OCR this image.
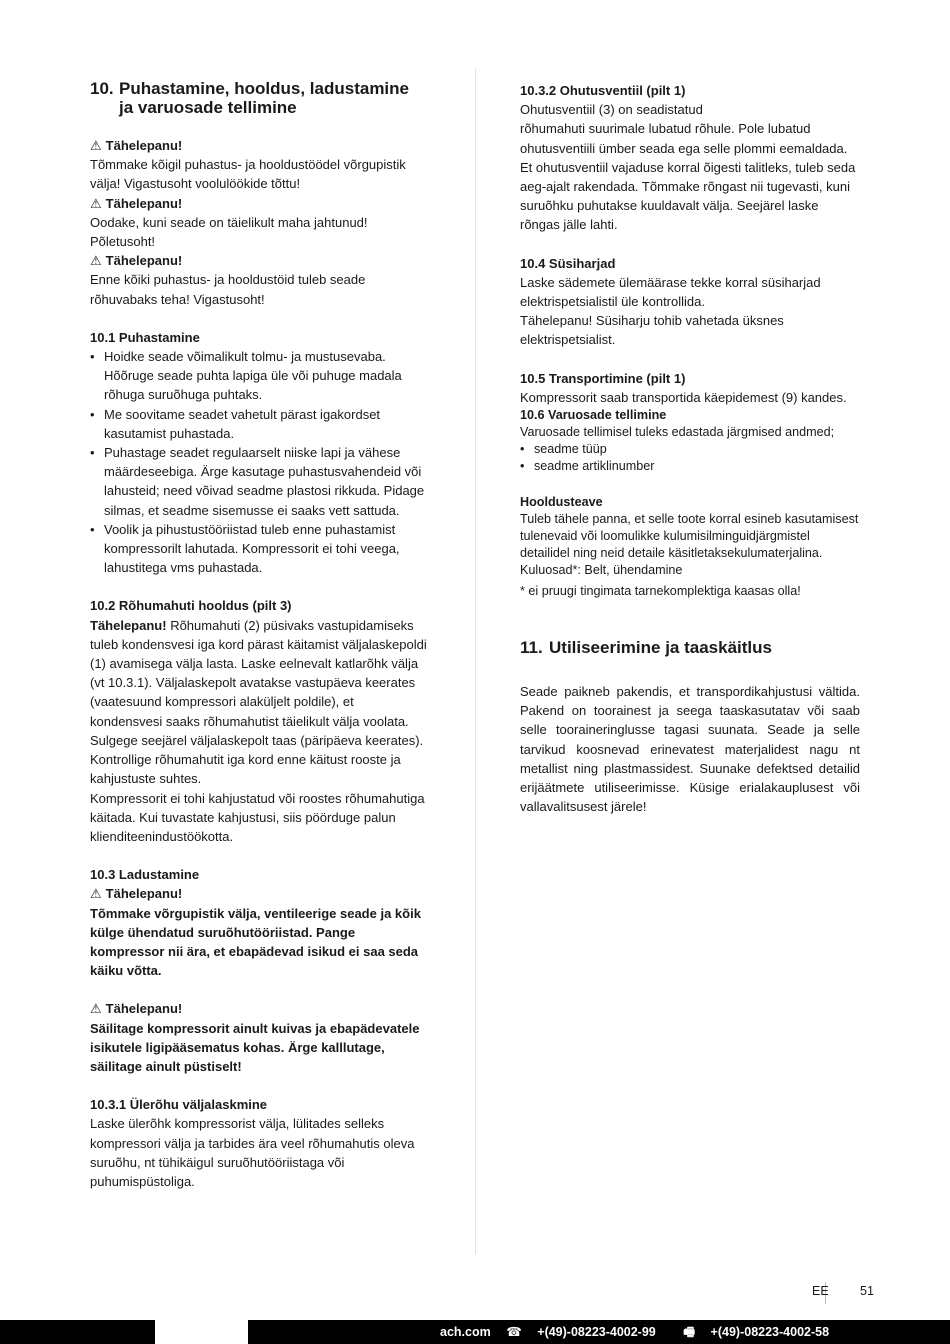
10. Puhastamine, hooldus, ladustamine
ja varuosade tellimine
⚠ Tähelepanu!

Tõmmake kõigil puhastus- ja hooldustöödel võrgupistik välja! Vigastusoht voolulöökide tõttu!

⚠ Tähelepanu!

Oodake, kuni seade on täielikult maha jahtunud! Põletusoht!

⚠ Tähelepanu!

Enne kõiki puhastus- ja hooldustöid tuleb seade rõhuvabaks teha! Vigastusoht!

10.1 Puhastamine

• Hoidke seade võimalikult tolmu- ja mustusevaba. Hõõruge seade puhta lapiga üle või puhuge madala rõhuga suruõhuga puhtaks.
• Me soovitame seadet vahetult pärast igakordset kasutamist puhastada.
• Puhastage seadet regulaarselt niiske lapi ja vähese määrdeseebiga. Ärge kasutage puhastusvahendeid või lahusteid; need võivad seadme plastosi rikkuda. Pidage silmas, et seadme sisemusse ei saaks vett sattuda.
• Voolik ja pihustustööriistad tuleb enne puhastamist kompressorilt lahutada. Kompressorit ei tohi veega, lahustitega vms puhastada.

10.2 Rõhumahuti hooldus (pilt 3)

Tähelepanu! Rõhumahuti (2) püsivaks vastupidamiseks tuleb kondensvesi iga kord pärast käitamist väljalaskepoldi (1) avamisega välja lasta. Laske eelnevalt katlarõhk välja (vt 10.3.1). Väljalaskepolt avatakse vastupäeva keerates (vaatesuund kompressori alaküljelt poldile), et kondensvesi saaks rõhumahutist täielikult välja voolata. Sulgege seejärel väljalaskepolt taas (päripäeva keerates). Kontrollige rõhumahutit iga kord enne käitust rooste ja kahjustuste suhtes.

Kompressorit ei tohi kahjustatud või roostes rõhumahutiga käitada. Kui tuvastate kahjustusi, siis pöörduge palun klienditeenindustöökotta.

10.3 Ladustamine

⚠ Tähelepanu!

Tõmmake võrgupistik välja, ventileerige seade ja kõik külge ühendatud suruõhutööriistad. Pange kompressor nii ära, et ebapädevad isikud ei saa seda käiku võtta.

⚠ Tähelepanu!

Säilitage kompressorit ainult kuivas ja ebapädevatele isikutele ligipääsematus kohas. Ärge kalllutage, säilitage ainult püstiselt!

10.3.1 Ülerõhu väljalaskmine

Laske ülerõhk kompressorist välja, lülitades selleks kompressori välja ja tarbides ära veel rõhumahutis oleva suruõhu, nt tühikäigul suruõhutööriistaga või puhumispüstoliga.

10.3.2 Ohutusventiil (pilt 1)

Ohutusventiil (3) on seadistatud

rõhumahuti suurimale lubatud rõhule. Pole lubatud ohutusventiili ümber seada ega selle plommi eemaldada. Et ohutusventiil vajaduse korral õigesti talitleks, tuleb seda aeg-ajalt rakendada. Tõmmake rõngast nii tugevasti, kuni suruõhku puhutakse kuuldavalt välja. Seejärel laske rõngas jälle lahti.

10.4 Süsiharjad

Laske sädemete ülemäärase tekke korral süsiharjad elektrispetsialistil üle kontrollida.

Tähelepanu! Süsiharju tohib vahetada üksnes elektrispetsialist.

10.5 Transportimine (pilt 1)

Kompressorit saab transportida käepidemest (9) kandes.

10.6 Varuosade tellimine

Varuosade tellimisel tuleks edastada järgmised andmed;

• seadme tüüp
• seadme artiklinumber

Hooldusteave

Tuleb tähele panna, et selle toote korral esineb kasutamisest tulenevaid või loomulikke kulumisilminguidjärgmistel detailidel ning neid detaile käsitletaksekulumaterjalina.

Kuluosad*: Belt, ühendamine

* ei pruugi tingimata tarnekomplektiga kaasas olla!

11. Utiliseerimine ja taaskäitlus

Seade paikneb pakendis, et transpordikahjustusi vältida. Pakend on toorainest ja seega taaskasutatav või saab selle tooraineringlusse tagasi suunata. Seade ja selle tarvikud koosnevad erinevatest materjalidest nagu nt metallist ning plastmassidest. Suunake defektsed detailid erijäätmete utiliseerimisse. Küsige erialakauplusest või vallavalitsusest järele!

EE	51
ach.com ☎ +(49)-08223-4002-99 🖷 +(49)-08223-4002-58
